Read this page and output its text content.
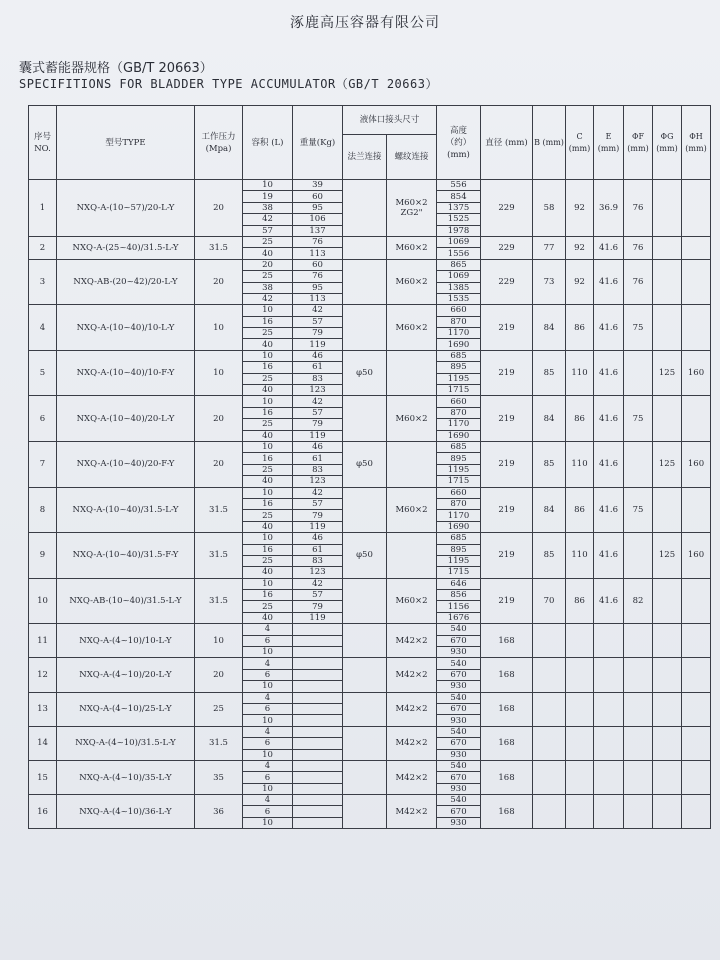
涿鹿高压容器有限公司
囊式蓄能器规格（GB/T 20663）
SPECIFITIONS FOR BLADDER TYPE ACCUMULATOR（GB/T 20663）
序号 NO.	型号TYPE	工作压力 (Mpa)	容积 (L)	重量(Kg)	液体口接头尺寸		高度 （约） (mm)	直径 (mm)	B (mm)	C (mm)	E (mm)	ΦF (mm)	ΦG (mm)	ΦH (mm)
					法兰连接	螺纹连接								
1	NXQ-A-(10~57)/20-L-Y	20	10	39		M60×2 ZG2"	556	229	58	92	36.9	76		
			19	60			854							
			38	95			1375							
			42	106			1525							
			57	137			1978							
2	NXQ-A-(25~40)/31.5-L-Y	31.5	25	76		M60×2	1069	229	77	92	41.6	76		
			40	113			1556							
3	NXQ-AB-(20~42)/20-L-Y	20	20	60		M60×2	865	229	73	92	41.6	76		
			25	76			1069							
			38	95			1385							
			42	113			1535							
4	NXQ-A-(10~40)/10-L-Y	10	10	42		M60×2	660	219	84	86	41.6	75		
			16	57			870							
			25	79			1170							
			40	119			1690							
5	NXQ-A-(10~40)/10-F-Y	10	10	46	φ50		685	219	85	110	41.6		125	160
			16	61			895							
			25	83			1195							
			40	123			1715							
6	NXQ-A-(10~40)/20-L-Y	20	10	42		M60×2	660	219	84	86	41.6	75		
			16	57			870							
			25	79			1170							
			40	119			1690							
7	NXQ-A-(10~40)/20-F-Y	20	10	46	φ50		685	219	85	110	41.6		125	160
			16	61			895							
			25	83			1195							
			40	123			1715							
8	NXQ-A-(10~40)/31.5-L-Y	31.5	10	42		M60×2	660	219	84	86	41.6	75		
			16	57			870							
			25	79			1170							
			40	119			1690							
9	NXQ-A-(10~40)/31.5-F-Y	31.5	10	46	φ50		685	219	85	110	41.6		125	160
			16	61			895							
			25	83			1195							
			40	123			1715							
10	NXQ-AB-(10~40)/31.5-L-Y	31.5	10	42		M60×2	646	219	70	86	41.6	82		
			16	57			856							
			25	79			1156							
			40	119			1676							
11	NXQ-A-(4~10)/10-L-Y	10	4			M42×2	540	168						
			6				670							
			10				930							
12	NXQ-A-(4~10)/20-L-Y	20	4			M42×2	540	168						
			6				670							
			10				930							
13	NXQ-A-(4~10)/25-L-Y	25	4			M42×2	540	168						
			6				670							
			10				930							
14	NXQ-A-(4~10)/31.5-L-Y	31.5	4			M42×2	540	168						
			6				670							
			10				930							
15	NXQ-A-(4~10)/35-L-Y	35	4			M42×2	540	168						
			6				670							
			10				930							
16	NXQ-A-(4~10)/36-L-Y	36	4			M42×2	540	168						
			6				670							
			10				930							
